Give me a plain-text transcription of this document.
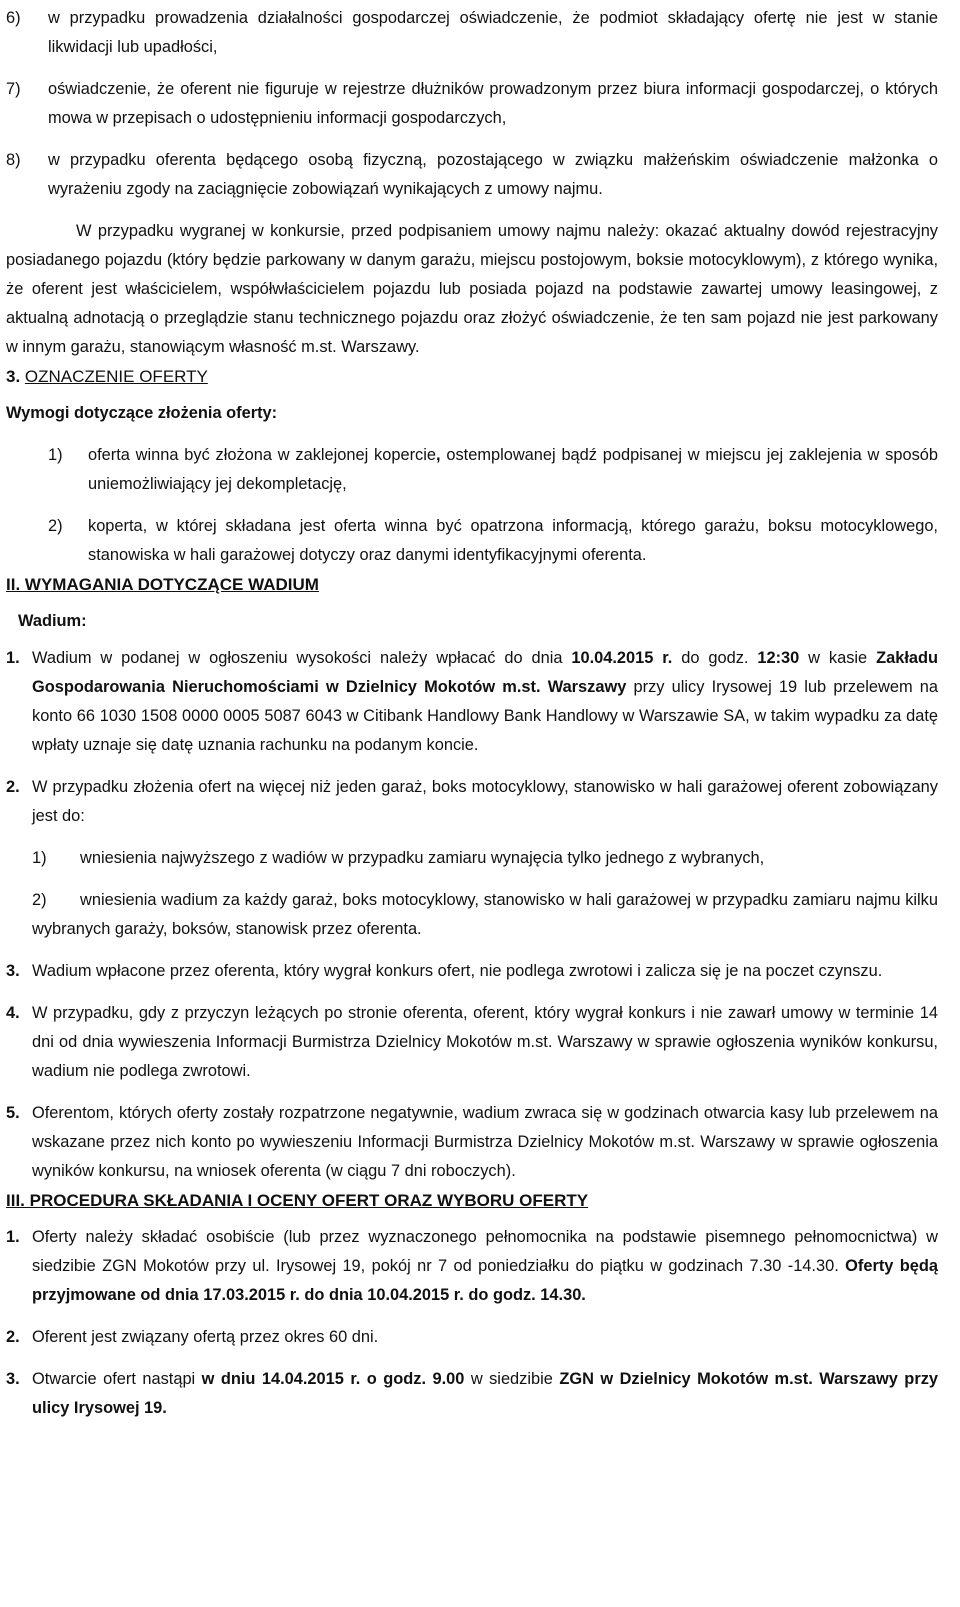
6)	w przypadku prowadzenia działalności gospodarczej oświadczenie, że podmiot składający ofertę nie jest w stanie likwidacji lub upadłości,
7)	oświadczenie, że oferent nie figuruje w rejestrze dłużników prowadzonym przez biura informacji gospodarczej, o których mowa w przepisach o udostępnieniu informacji gospodarczych,
8)	w przypadku oferenta będącego osobą fizyczną, pozostającego w związku małżeńskim oświadczenie małżonka o wyrażeniu zgody na zaciągnięcie zobowiązań wynikających z umowy najmu.

W przypadku wygranej w konkursie, przed podpisaniem umowy najmu należy: okazać aktualny dowód rejestracyjny posiadanego pojazdu (który będzie parkowany w danym garażu, miejscu postojowym, boksie motocyklowym), z którego wynika, że oferent jest właścicielem, współwłaścicielem pojazdu lub posiada pojazd na podstawie zawartej umowy leasingowej, z aktualną adnotacją o przeglądzie stanu technicznego pojazdu oraz złożyć oświadczenie, że ten sam pojazd nie jest parkowany w innym garażu, stanowiącym własność m.st. Warszawy.

3. OZNACZENIE OFERTY

Wymogi dotyczące złożenia oferty:

1)	oferta winna być złożona w zaklejonej kopercie, ostemplowanej bądź podpisanej w miejscu jej zaklejenia w sposób uniemożliwiający jej dekompletację,
2)	koperta, w której składana jest oferta winna być opatrzona informacją, którego garażu, boksu motocyklowego, stanowiska w hali garażowej dotyczy oraz danymi identyfikacyjnymi oferenta.

II. WYMAGANIA DOTYCZĄCE WADIUM

Wadium:

1. Wadium w podanej w ogłoszeniu wysokości należy wpłacać do dnia 10.04.2015 r. do godz. 12:30 w kasie Zakładu Gospodarowania Nieruchomościami w Dzielnicy Mokotów m.st. Warszawy przy ulicy Irysowej 19 lub przelewem na konto 66 1030 1508 0000 0005 5087 6043 w Citibank Handlowy Bank Handlowy w Warszawie SA, w takim wypadku za datę wpłaty uznaje się datę uznania rachunku na podanym koncie.
2. W przypadku złożenia ofert na więcej niż jeden garaż, boks motocyklowy, stanowisko w hali garażowej oferent zobowiązany jest do:
1)	wniesienia najwyższego z wadiów w przypadku zamiaru wynajęcia tylko jednego z wybranych,
2) wniesienia wadium za każdy garaż, boks motocyklowy, stanowisko w hali garażowej w przypadku zamiaru najmu kilku wybranych garaży, boksów, stanowisk przez oferenta.
3. Wadium wpłacone przez oferenta, który wygrał konkurs ofert, nie podlega zwrotowi i zalicza się je na poczet czynszu.
4. W przypadku, gdy z przyczyn leżących po stronie oferenta, oferent, który wygrał konkurs i nie zawarł umowy w terminie 14 dni od dnia wywieszenia Informacji Burmistrza Dzielnicy Mokotów m.st. Warszawy w sprawie ogłoszenia wyników konkursu, wadium nie podlega zwrotowi.
5. Oferentom, których oferty zostały rozpatrzone negatywnie, wadium zwraca się w godzinach otwarcia kasy lub przelewem na wskazane przez nich konto po wywieszeniu Informacji Burmistrza Dzielnicy Mokotów m.st. Warszawy w sprawie ogłoszenia wyników konkursu, na wniosek oferenta (w ciągu 7 dni roboczych).

III. PROCEDURA SKŁADANIA I OCENY OFERT ORAZ WYBORU OFERTY

1. Oferty należy składać osobiście (lub przez wyznaczonego pełnomocnika na podstawie pisemnego pełnomocnictwa) w siedzibie ZGN Mokotów przy ul. Irysowej 19, pokój nr 7 od poniedziałku do piątku w godzinach 7.30 -14.30. Oferty będą przyjmowane od dnia 17.03.2015 r. do dnia 10.04.2015 r. do godz. 14.30.
2. Oferent jest związany ofertą przez okres 60 dni.
3. Otwarcie ofert nastąpi w dniu 14.04.2015 r. o godz. 9.00 w siedzibie ZGN w Dzielnicy Mokotów m.st. Warszawy przy ulicy Irysowej 19.
